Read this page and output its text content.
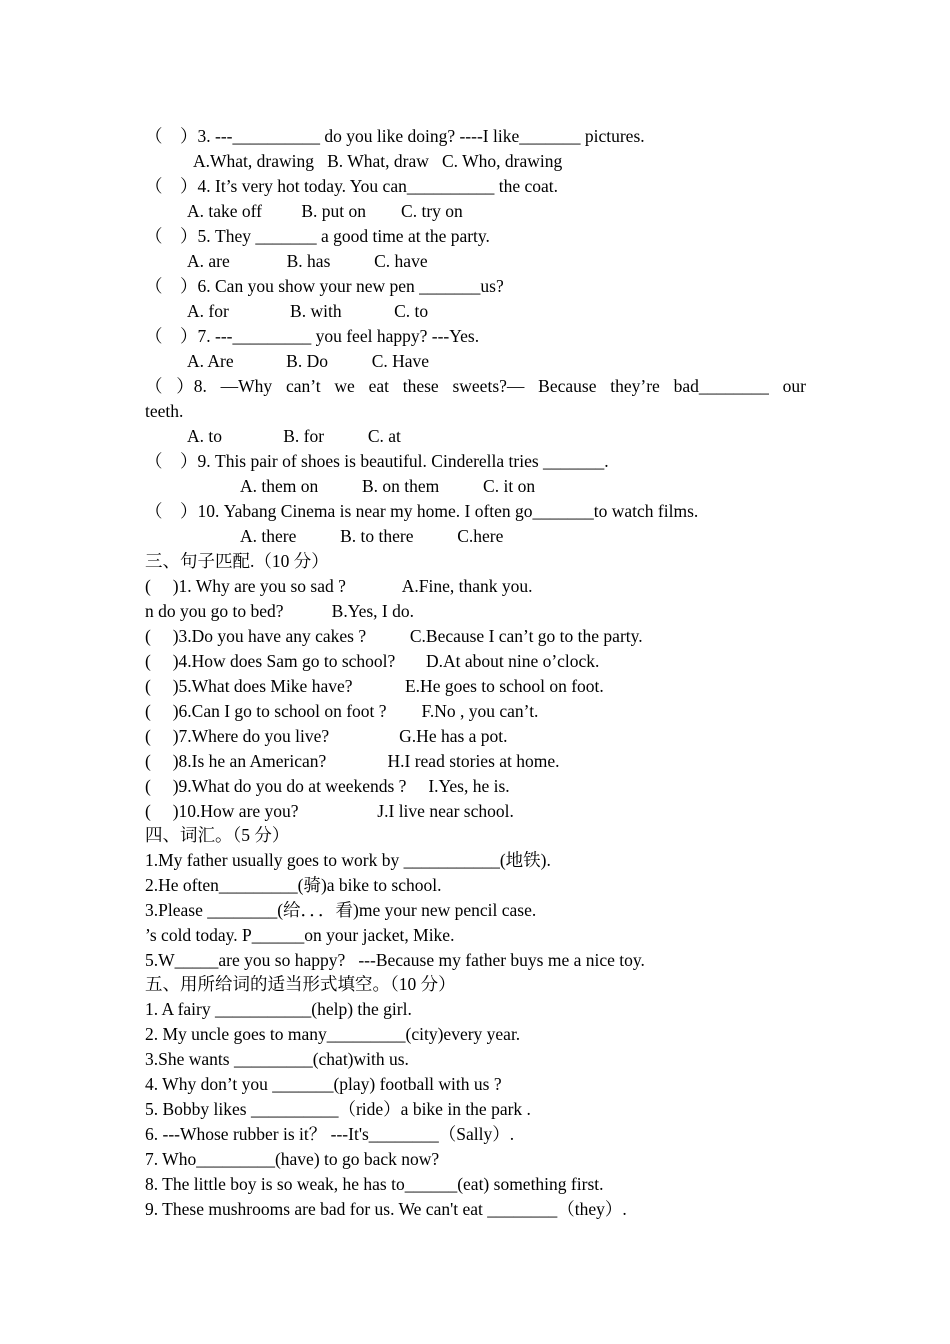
（    ）3. ---__________ do you like doing? ----I like_______ pictures.
A.What, drawing   B. What, draw   C. Who, drawing
（    ）4. It’s very hot today. You can__________ the coat.
A. take off         B. put on        C. try on
（    ）5. They _______ a good time at the party.
A. are             B. has          C. have
（    ）6. Can you show your new pen _______us?
A. for              B. with            C. to
（    ）7. ---_________ you feel happy? ---Yes.
A. Are            B. Do          C. Have
（ ）8. —Why can’t we eat these sweets?— Because they’re bad________ our
teeth.
A. to              B. for          C. at
（    ）9. This pair of shoes is beautiful. Cinderella tries _______.
A. them on          B. on them          C. it on
（    ）10. Yabang Cinema is near my home. I often go_______to watch films.
A. there          B. to there          C.here
三、句子匹配.（10 分）
(     )1. Why are you so sad ?             A.Fine, thank you.
n do you go to bed?           B.Yes, I do.
(     )3.Do you have any cakes ?          C.Because I can’t go to the party.
(     )4.How does Sam go to school?       D.At about nine o’clock.
(     )5.What does Mike have?            E.He goes to school on foot.
(     )6.Can I go to school on foot ?        F.No , you can’t.
(     )7.Where do you live?                G.He has a pot.
(     )8.Is he an American?              H.I read stories at home.
(     )9.What do you do at weekends ?     I.Yes, he is.
(     )10.How are you?                  J.I live near school.
四、词汇。（5 分）
1.My father usually goes to work by ___________(地铁).
2.He often_________(骑)a bike to school.
3.Please ________(给．．．看)me your new pencil case.
’s cold today. P______on your jacket, Mike.
5.W_____are you so happy?   ---Because my father buys me a nice toy.
五、用所给词的适当形式填空。（10 分）
1. A fairy ___________(help) the girl.
2. My uncle goes to many_________(city)every year.
3.She wants _________(chat)with us.
4. Why don’t you _______(play) football with us ?
5. Bobby likes __________（ride）a bike in the park .
6. ---Whose rubber is it？ ---It's________（Sally）.
7. Who_________(have) to go back now?
8. The little boy is so weak, he has to______(eat) something first.
9. These mushrooms are bad for us. We can't eat ________（they）.
